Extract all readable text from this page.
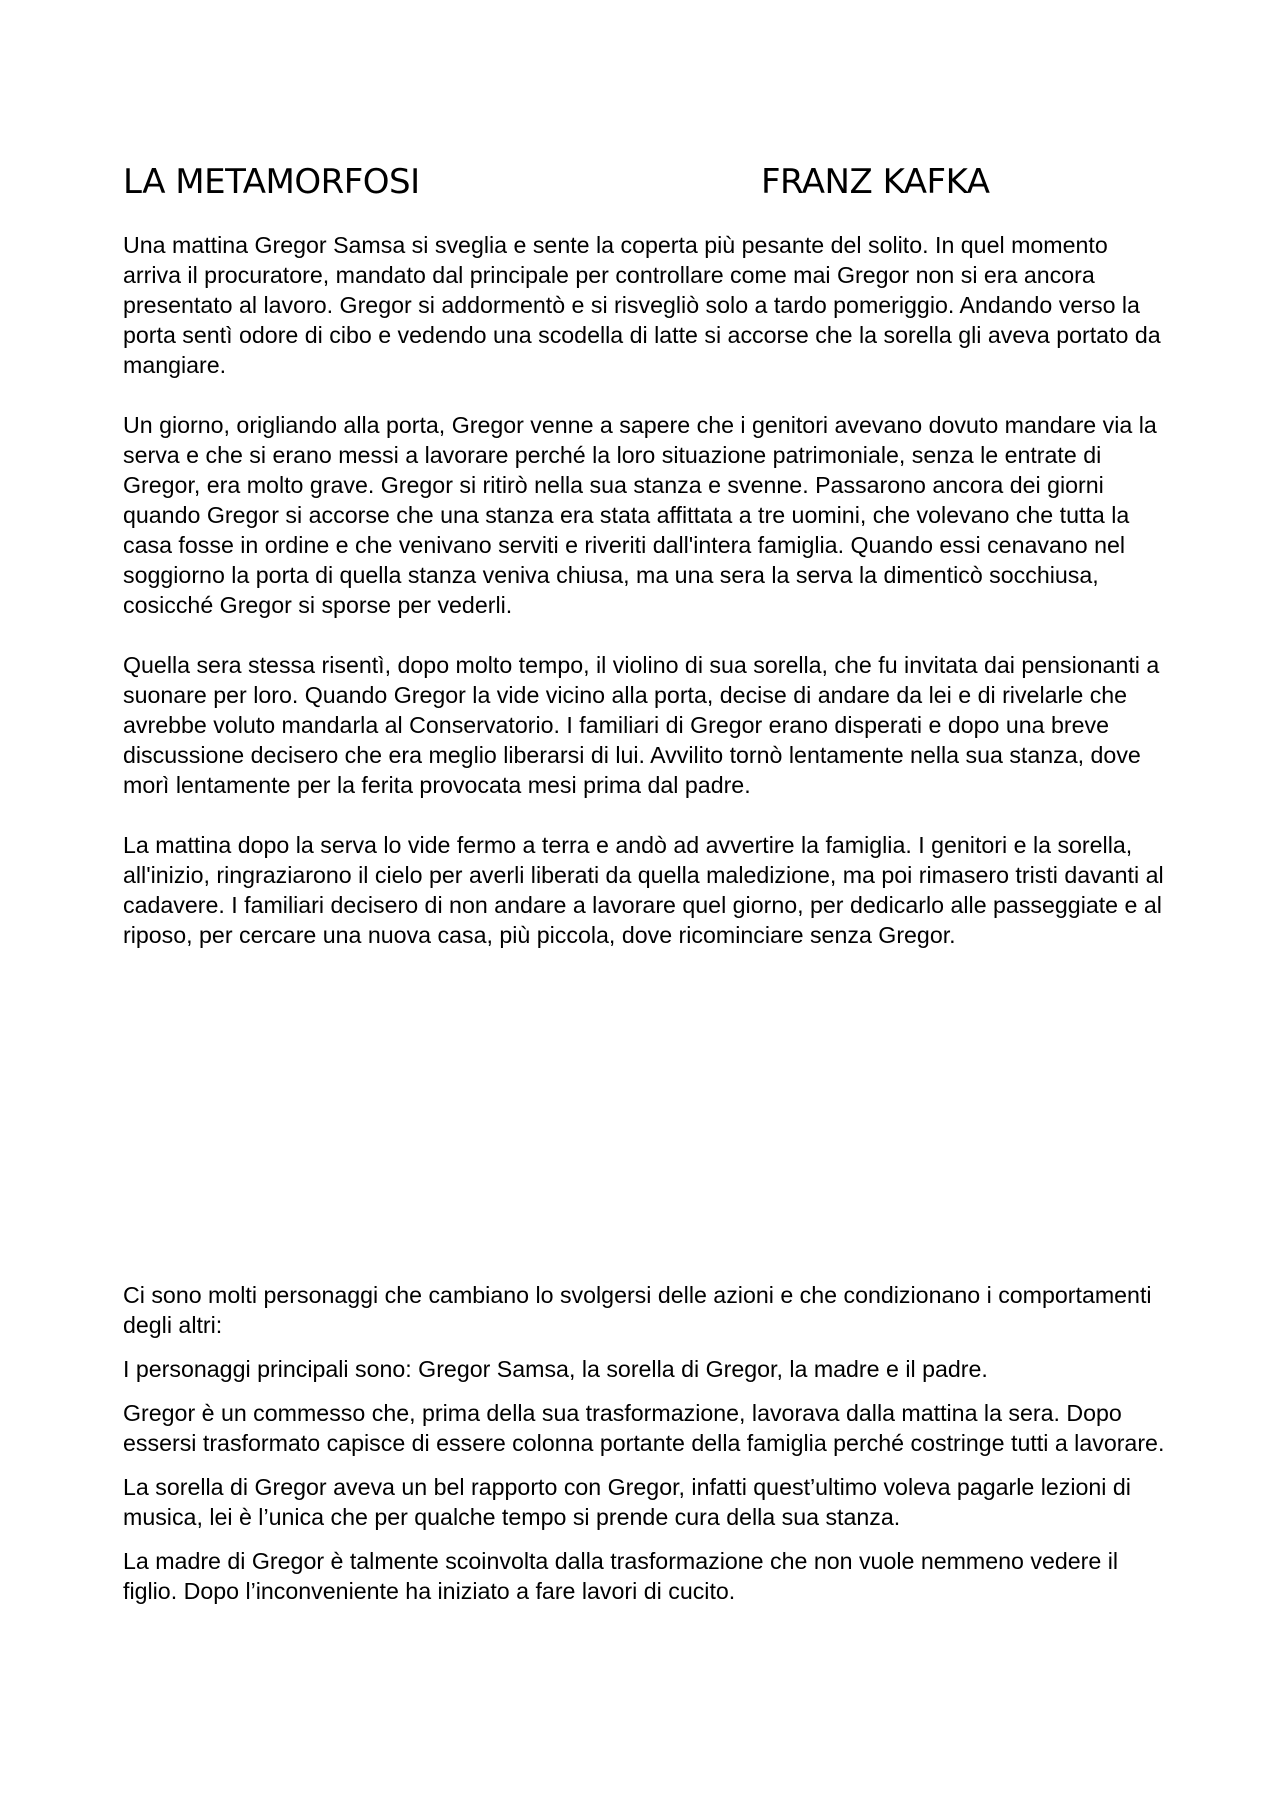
LA METAMORFOSI	FRANZ KAFKA

Una mattina Gregor Samsa si sveglia e sente la coperta più pesante del solito. In quel momento arriva il procuratore, mandato dal principale per controllare come mai Gregor non si era ancora presentato al lavoro. Gregor si addormentò e si risvegliò solo a tardo pomeriggio. Andando verso la porta sentì odore di cibo e vedendo una scodella di latte si accorse che la sorella gli aveva portato da mangiare.

Un giorno, origliando alla porta, Gregor venne a sapere che i genitori avevano dovuto mandare via la serva e che si erano messi a lavorare perché la loro situazione patrimoniale, senza le entrate di Gregor, era molto grave. Gregor si ritirò nella sua stanza e svenne. Passarono ancora dei giorni quando Gregor si accorse che una stanza era stata affittata a tre uomini, che volevano che tutta la casa fosse in ordine e che venivano serviti e riveriti dall'intera famiglia. Quando essi cenavano nel soggiorno la porta di quella stanza veniva chiusa, ma una sera la serva la dimenticò socchiusa, cosicché Gregor si sporse per vederli.

Quella sera stessa risentì, dopo molto tempo, il violino di sua sorella, che fu invitata dai pensionanti a suonare per loro. Quando Gregor la vide vicino alla porta, decise di andare da lei e di rivelarle che avrebbe voluto mandarla al Conservatorio. I familiari di Gregor erano disperati e dopo una breve discussione decisero che era meglio liberarsi di lui. Avvilito tornò lentamente nella sua stanza, dove morì lentamente per la ferita provocata mesi prima dal padre.

La mattina dopo la serva lo vide fermo a terra e andò ad avvertire la famiglia. I genitori e la sorella, all'inizio, ringraziarono il cielo per averli liberati da quella maledizione, ma poi rimasero tristi davanti al cadavere. I familiari decisero di non andare a lavorare quel giorno, per dedicarlo alle passeggiate e al riposo, per cercare una nuova casa, più piccola, dove ricominciare senza Gregor.

Ci sono molti personaggi che cambiano lo svolgersi delle azioni e che condizionano i comportamenti degli altri:

I personaggi principali sono: Gregor Samsa, la sorella di Gregor, la madre e il padre.

Gregor è un commesso che, prima della sua trasformazione, lavorava dalla mattina la sera. Dopo essersi trasformato capisce di essere colonna portante della famiglia perché costringe tutti a lavorare.

La sorella di Gregor aveva un bel rapporto con Gregor, infatti quest’ultimo voleva pagarle lezioni di musica, lei è l’unica che per qualche tempo si prende cura della sua stanza.

La madre di Gregor è talmente scoinvolta dalla trasformazione che non vuole nemmeno vedere il figlio. Dopo l’inconveniente ha iniziato a fare lavori di cucito.
